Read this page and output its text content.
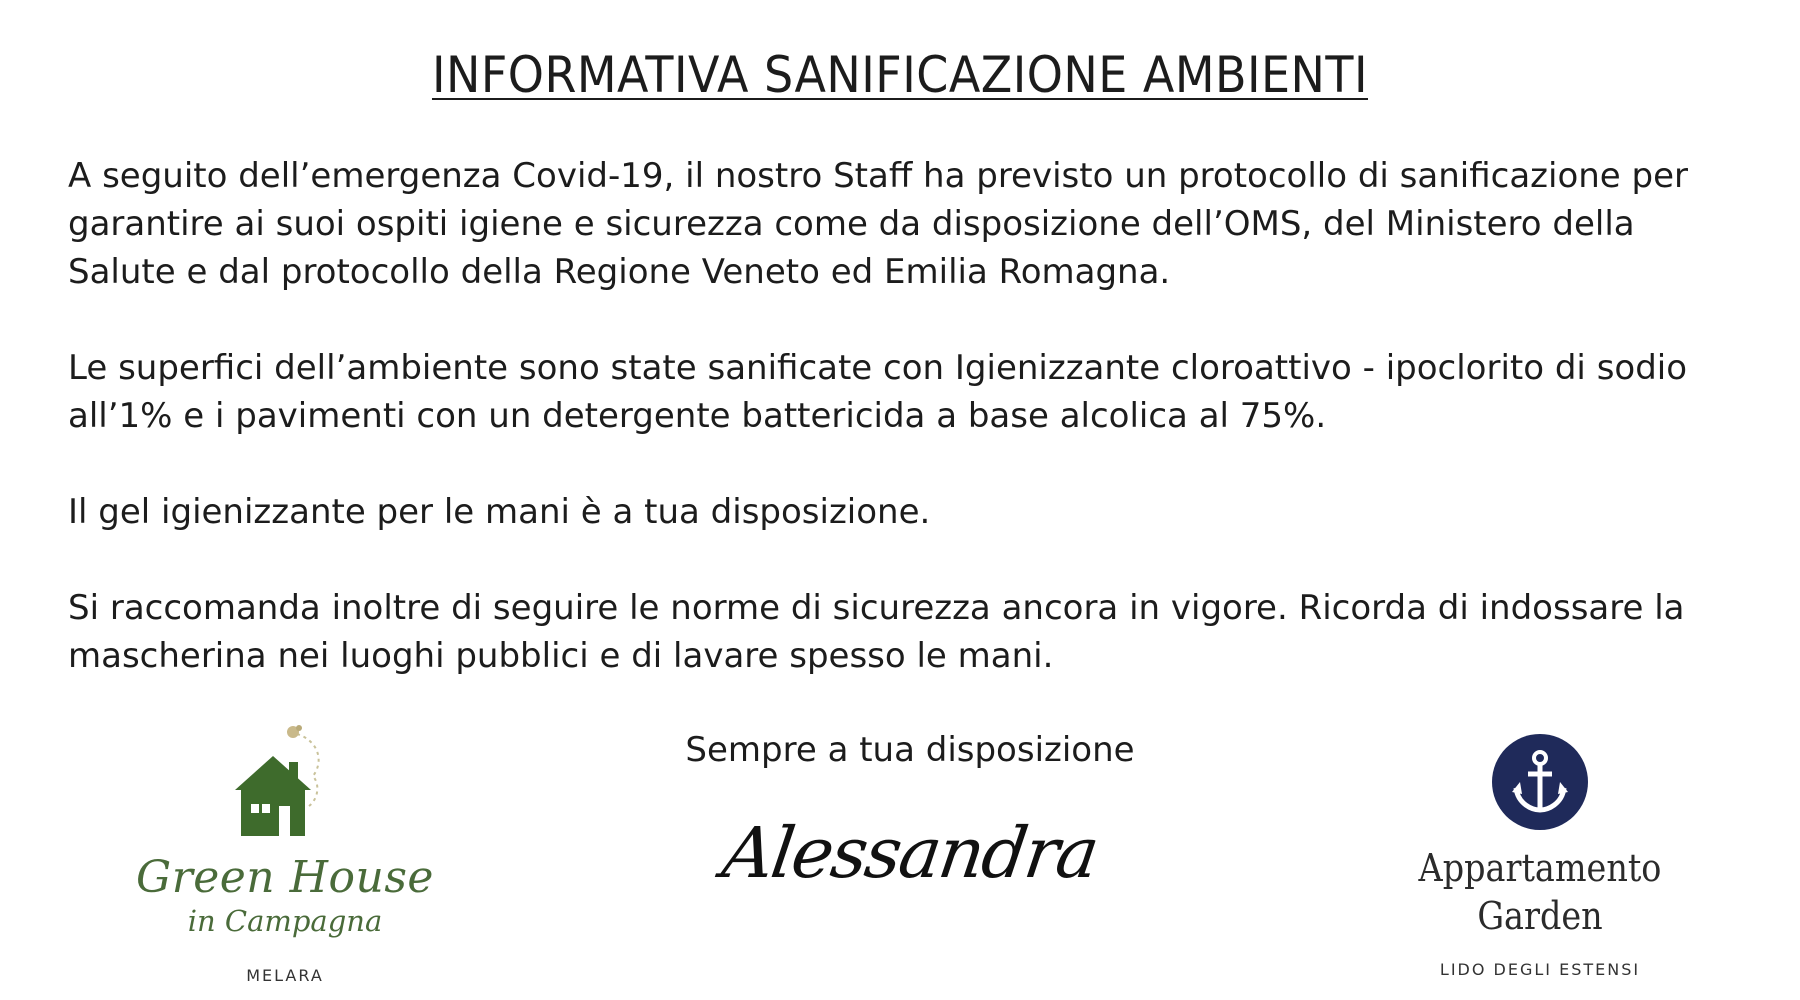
INFORMATIVA SANIFICAZIONE AMBIENTI

A seguito dell’emergenza Covid-19, il nostro Staff ha previsto un protocollo di sanificazione per garantire ai suoi ospiti igiene e sicurezza come da disposizione dell’OMS, del Ministero della Salute e dal protocollo della Regione Veneto ed Emilia Romagna.

Le superfici dell’ambiente sono state sanificate con Igienizzante cloroattivo - ipoclorito di sodio all’1% e i pavimenti con un detergente battericida a base alcolica al 75%.

Il gel igienizzante per le mani è a tua disposizione.

Si raccomanda inoltre di seguire le norme di sicurezza ancora in vigore. Ricorda di indossare la mascherina nei luoghi pubblici e di lavare spesso le mani.

Green House
in Campagna
MELARA
Sempre a tua disposizione
Alessandra	Appartamento
Garden
LIDO DEGLI ESTENSI
